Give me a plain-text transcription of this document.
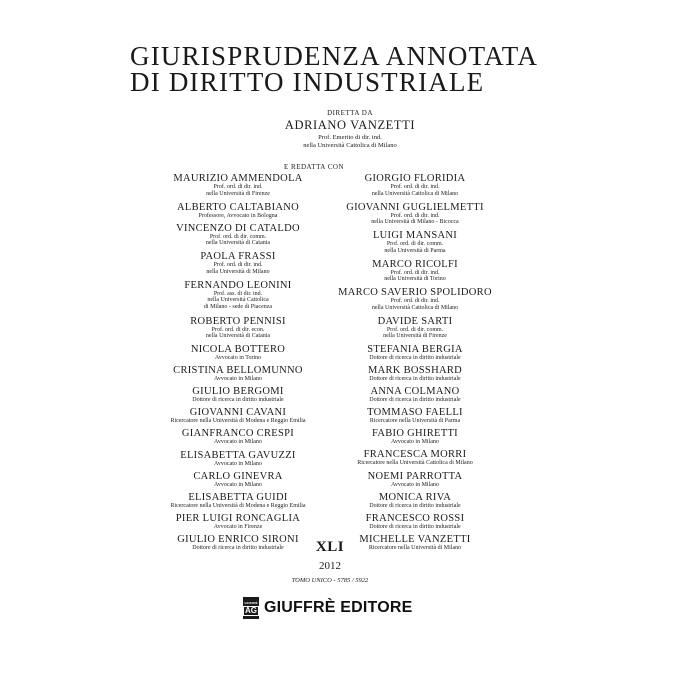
GIURISPRUDENZA ANNOTATA
DI DIRITTO INDUSTRIALE
DIRETTA DA
ADRIANO VANZETTI
Prof. Emerito di dir. ind.
nella Università Cattolica di Milano
E REDATTA CON
MAURIZIO AMMENDOLA
Prof. ord. di dir. ind.
nella Università di Firenze
ALBERTO CALTABIANO
Professore, Avvocato in Bologna
VINCENZO DI CATALDO
Prof. ord. di dir. comm.
nella Università di Catania
PAOLA FRASSI
Prof. ord. di dir. ind.
nella Università di Milano
FERNANDO LEONINI
Prof. ass. di dir. ind.
nella Università Cattolica
di Milano - sede di Piacenza
ROBERTO PENNISI
Prof. ord. di dir. econ.
nella Università di Catania
NICOLA BOTTERO
Avvocato in Torino
CRISTINA BELLOMUNNO
Avvocato in Milano
GIULIO BERGOMI
Dottore di ricerca in diritto industriale
GIOVANNI CAVANI
Ricercatore nella Università di Modena e Reggio Emilia
GIANFRANCO CRESPI
Avvocato in Milano
ELISABETTA GAVUZZI
Avvocato in Milano
CARLO GINEVRA
Avvocato in Milano
ELISABETTA GUIDI
Ricercatore nella Università di Modena e Reggio Emilia
PIER LUIGI RONCAGLIA
Avvocato in Firenze
GIULIO ENRICO SIRONI
Dottore di ricerca in diritto industriale
GIORGIO FLORIDIA
Prof. ord. di dir. ind.
nella Università Cattolica di Milano
GIOVANNI GUGLIELMETTI
Prof. ord. di dir. ind.
nella Università di Milano - Bicocca
LUIGI MANSANI
Prof. ord. di dir. comm.
nella Università di Parma
MARCO RICOLFI
Prof. ord. di dir. ind.
nella Università di Torino
MARCO SAVERIO SPOLIDORO
Prof. ord. di dir. ind.
nella Università Cattolica di Milano
DAVIDE SARTI
Prof. ord. di dir. comm.
nella Università di Firenze
STEFANIA BERGIA
Dottore di ricerca in diritto industriale
MARK BOSSHARD
Dottore di ricerca in diritto industriale
ANNA COLMANO
Dottore di ricerca in diritto industriale
TOMMASO FAELLI
Ricercatore nella Università di Parma
FABIO GHIRETTI
Avvocato in Milano
FRANCESCA MORRI
Ricercatore nella Università Cattolica di Milano
NOEMI PARROTTA
Avvocato in Milano
MONICA RIVA
Dottore di ricerca in diritto industriale
FRANCESCO ROSSI
Dottore di ricerca in diritto industriale
MICHELLE VANZETTI
Ricercatore nella Università di Milano
XLI
2012
TOMO UNICO - 5785 / 5922
GIUFFRÈ
AG GIUFFRÈ EDITORE
